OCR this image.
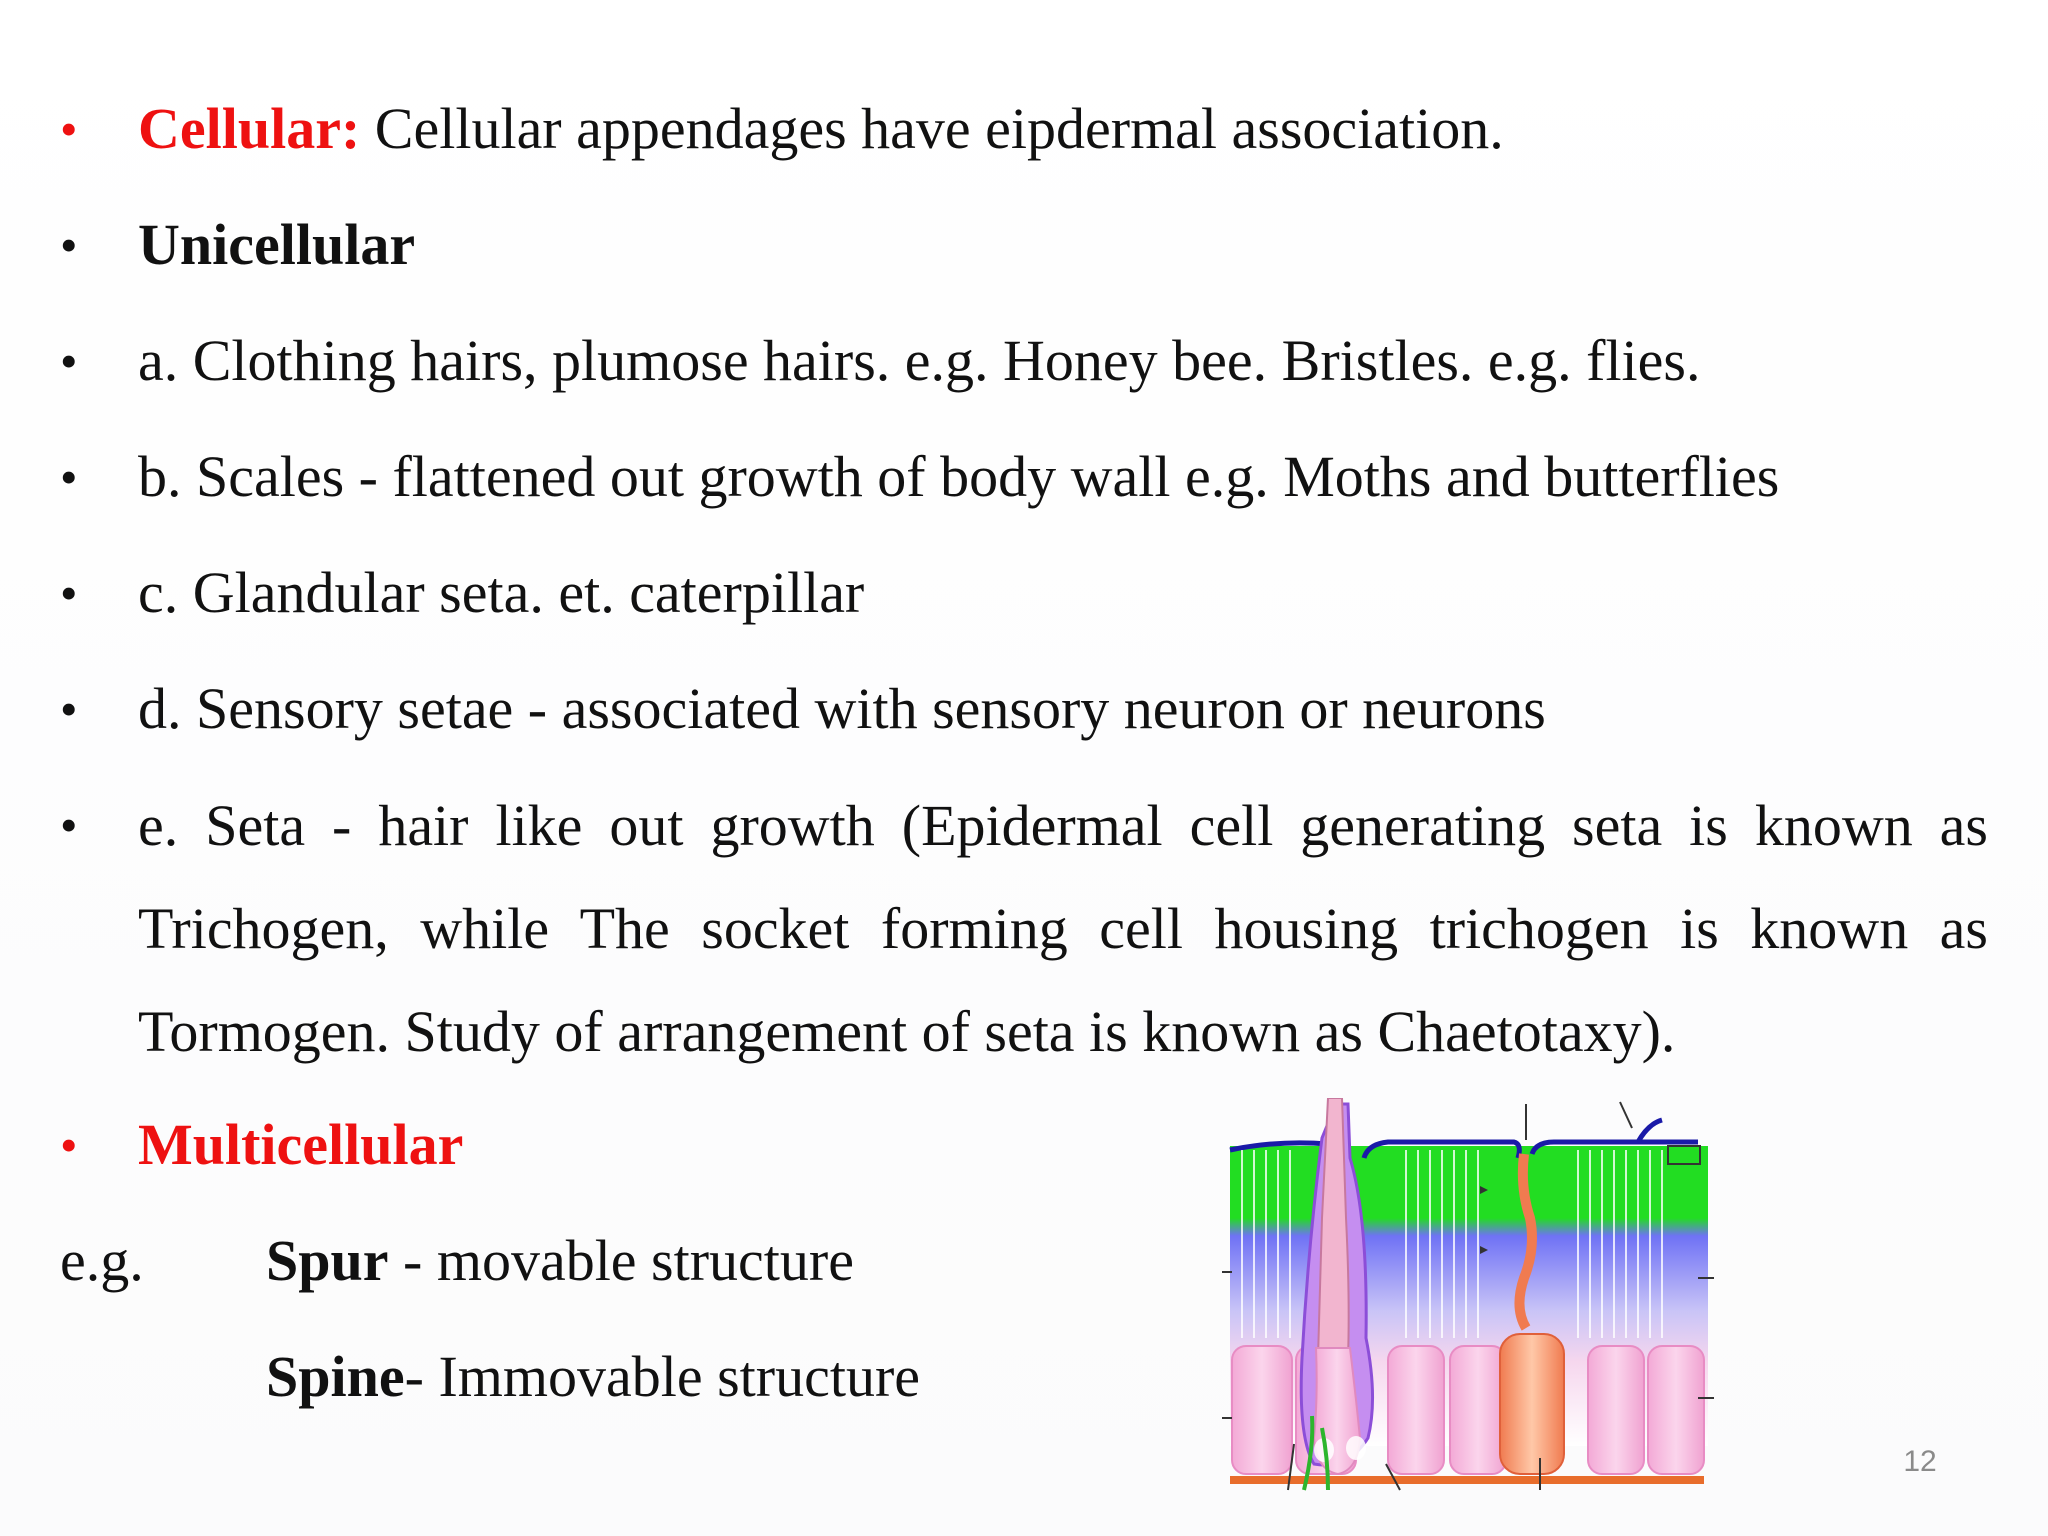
• Cellular: Cellular appendages have eipdermal association.
• Unicellular
• a. Clothing hairs, plumose hairs. e.g. Honey bee. Bristles. e.g. flies.
• b. Scales - flattened out growth of body wall e.g. Moths and butterflies
• c. Glandular seta. et. caterpillar
• d. Sensory setae - associated with sensory neuron or neurons
• e. Seta - hair like out growth (Epidermal cell generating seta is known as
Trichogen, while The socket forming cell housing trichogen is known as
Tormogen. Study of arrangement of seta is known as Chaetotaxy).
• Multicellular
e.g. Spur - movable structure
Spine- Immovable structure
12
